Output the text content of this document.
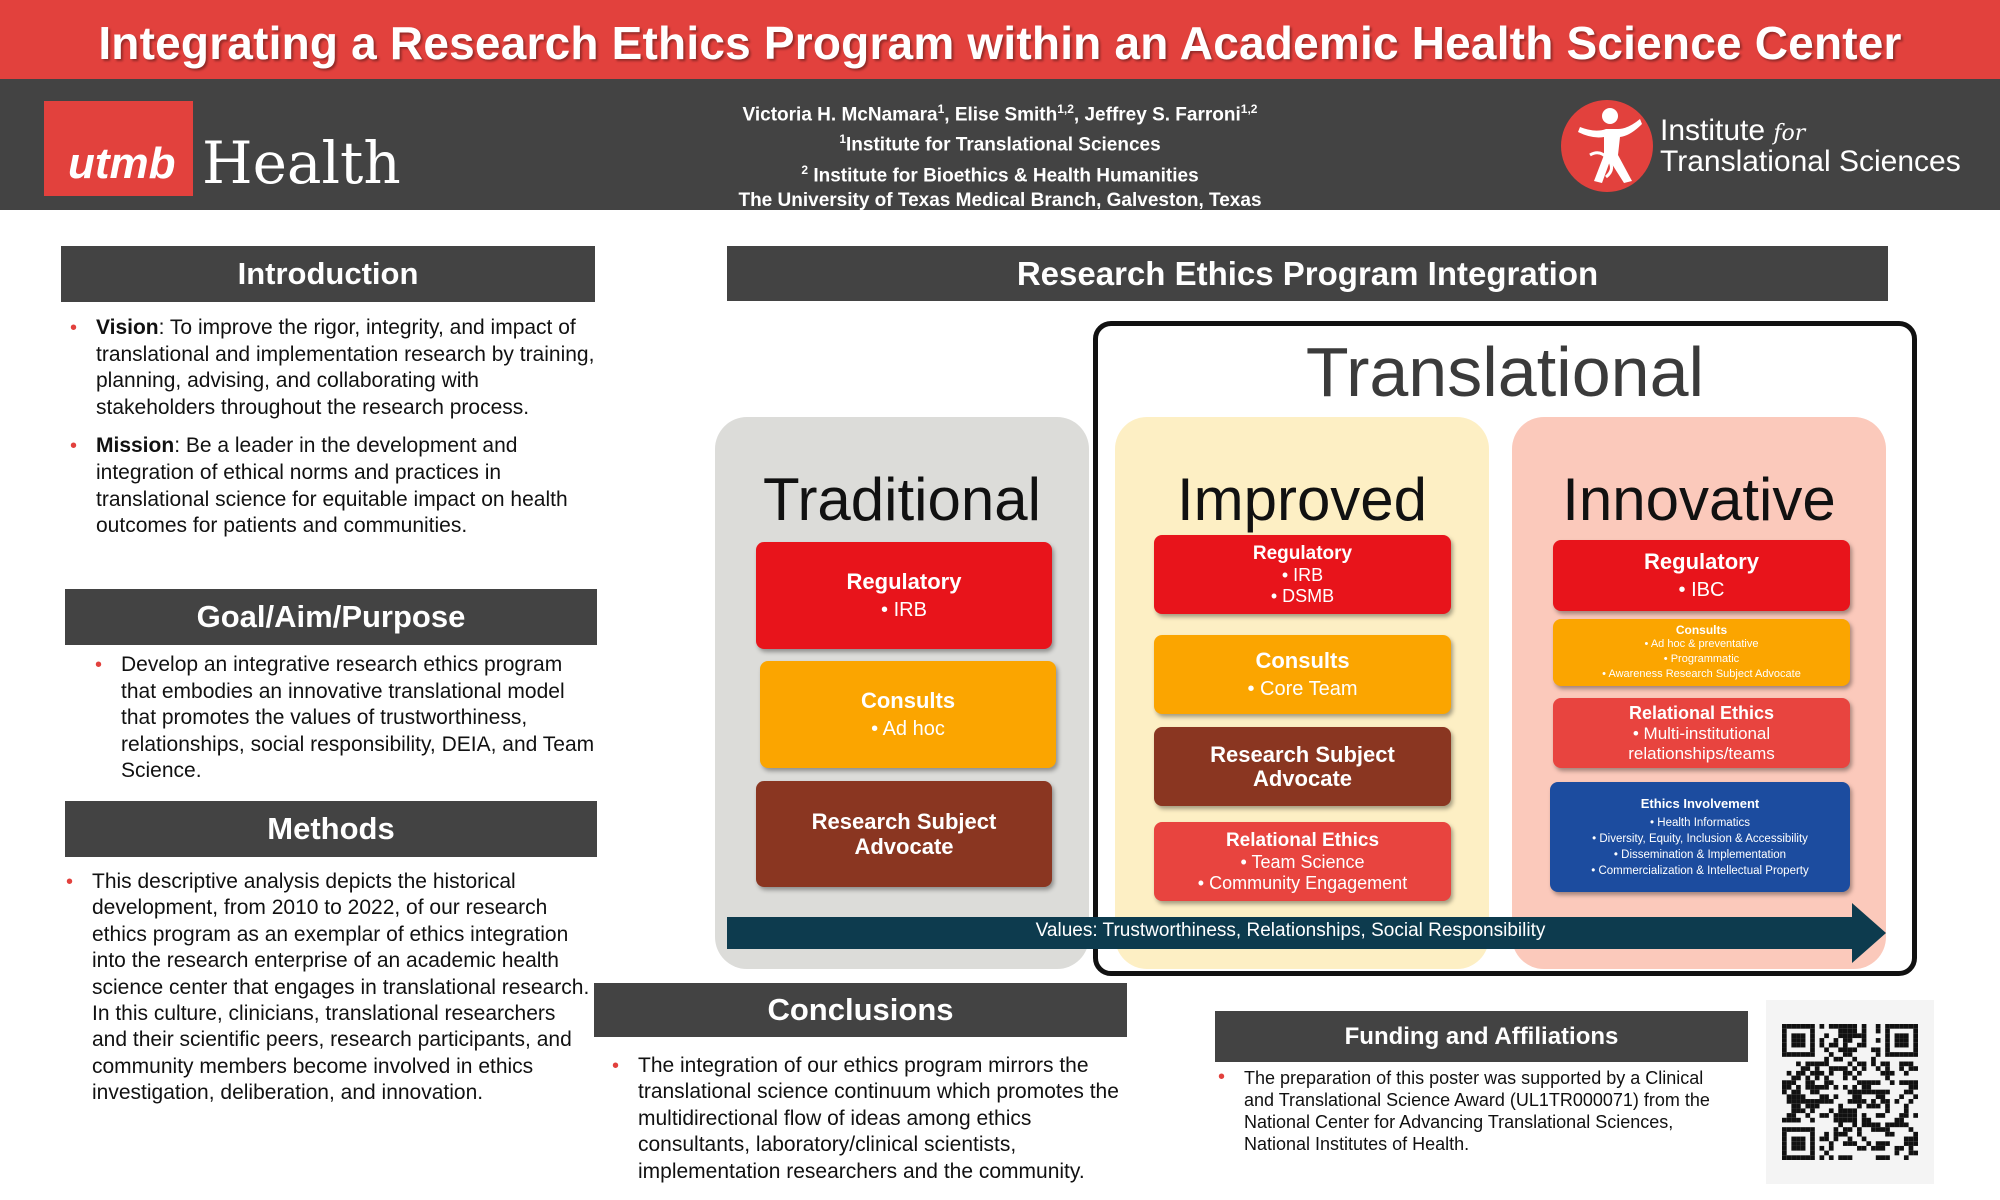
Integrating a Research Ethics Program within an Academic Health Science Center
utmb Health
Victoria H. McNamara$^1$, Elise Smith$^{1,2}$, Jeffrey S. Farroni$^{1,2}$
$^1$Institute for Translational Sciences
$^2$ Institute for Bioethics & Health Humanities
The University of Texas Medical Branch, Galveston, Texas
Institute for
Translational Sciences
Introduction
• Vision: To improve the rigor, integrity, and impact of translational and implementation research by training, planning, advising, and collaborating with stakeholders throughout the research process.
• Mission: Be a leader in the development and integration of ethical norms and practices in translational science for equitable impact on health outcomes for patients and communities.
Goal/Aim/Purpose
• Develop an integrative research ethics program that embodies an innovative translational model that promotes the values of trustworthiness, relationships, social responsibility, DEIA, and Team Science.
Methods
• This descriptive analysis depicts the historical development, from 2010 to 2022, of our research ethics program as an exemplar of ethics integration into the research enterprise of an academic health science center that engages in translational research. In this culture, clinicians, translational researchers and their scientific peers, research participants, and community members become involved in ethics investigation, deliberation, and innovation.
Research Ethics Program Integration
Translational
Traditional
Regulatory
• IRB
Consults
• Ad hoc
Research Subject Advocate
Improved
Regulatory
• IRB
• DSMB
Consults
• Core Team
Research Subject Advocate
Relational Ethics
• Team Science
• Community Engagement
Innovative
Regulatory
• IBC
Consults
• Ad hoc & preventative
• Programmatic
• Awareness Research Subject Advocate
Relational Ethics
• Multi-institutional relationships/teams
Ethics Involvement
• Health Informatics
• Diversity, Equity, Inclusion & Accessibility
• Dissemination & Implementation
• Commercialization & Intellectual Property
Values: Trustworthiness, Relationships, Social Responsibility
Conclusions
• The integration of our ethics program mirrors the translational science continuum which promotes the multidirectional flow of ideas among ethics consultants, laboratory/clinical scientists, implementation researchers and the community.
Funding and Affiliations
• The preparation of this poster was supported by a Clinical and Translational Science Award (UL1TR000071) from the National Center for Advancing Translational Sciences, National Institutes of Health.
